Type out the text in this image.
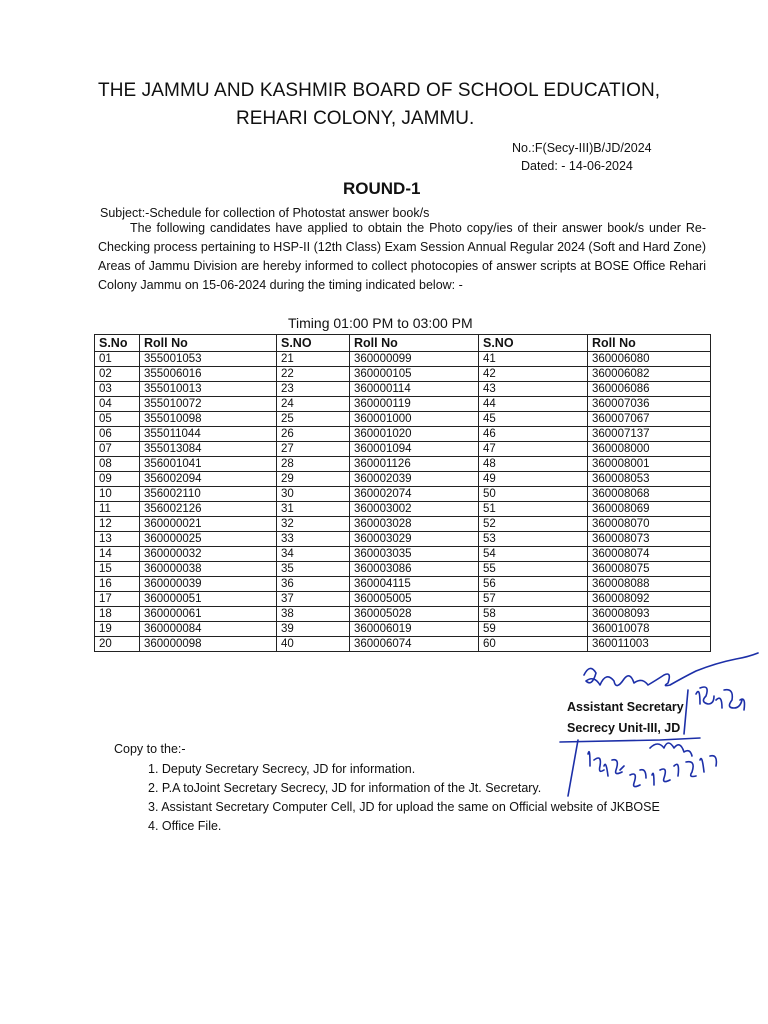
THE JAMMU AND KASHMIR BOARD OF SCHOOL EDUCATION,
REHARI COLONY, JAMMU.
No.:F(Secy-III)B/JD/2024
Dated: - 14-06-2024
ROUND-1
Subject:-Schedule for collection of Photostat answer book/s
The following candidates have applied to obtain the Photo copy/ies of their answer book/s under Re-Checking process pertaining to HSP-II (12th Class) Exam Session Annual Regular 2024 (Soft and Hard Zone) Areas of Jammu Division are hereby informed to collect photocopies of answer scripts at BOSE Office Rehari Colony Jammu on 15-06-2024 during the timing indicated below: -
Timing 01:00 PM to 03:00 PM
S.No	Roll No	S.NO	Roll No	S.NO	Roll No
01	355001053	21	360000099	41	360006080
02	355006016	22	360000105	42	360006082
03	355010013	23	360000114	43	360006086
04	355010072	24	360000119	44	360007036
05	355010098	25	360001000	45	360007067
06	355011044	26	360001020	46	360007137
07	355013084	27	360001094	47	360008000
08	356001041	28	360001126	48	360008001
09	356002094	29	360002039	49	360008053
10	356002110	30	360002074	50	360008068
11	356002126	31	360003002	51	360008069
12	360000021	32	360003028	52	360008070
13	360000025	33	360003029	53	360008073
14	360000032	34	360003035	54	360008074
15	360000038	35	360003086	55	360008075
16	360000039	36	360004115	56	360008088
17	360000051	37	360005005	57	360008092
18	360000061	38	360005028	58	360008093
19	360000084	39	360006019	59	360010078
20	360000098	40	360006074	60	360011003
Assistant Secretary
Secrecy Unit-III, JD
Copy to the:-
1. Deputy Secretary Secrecy, JD for information.
2. P.A toJoint Secretary Secrecy, JD for information of the Jt. Secretary.
3. Assistant Secretary Computer Cell, JD for upload the same on Official website of JKBOSE
4. Office File.
